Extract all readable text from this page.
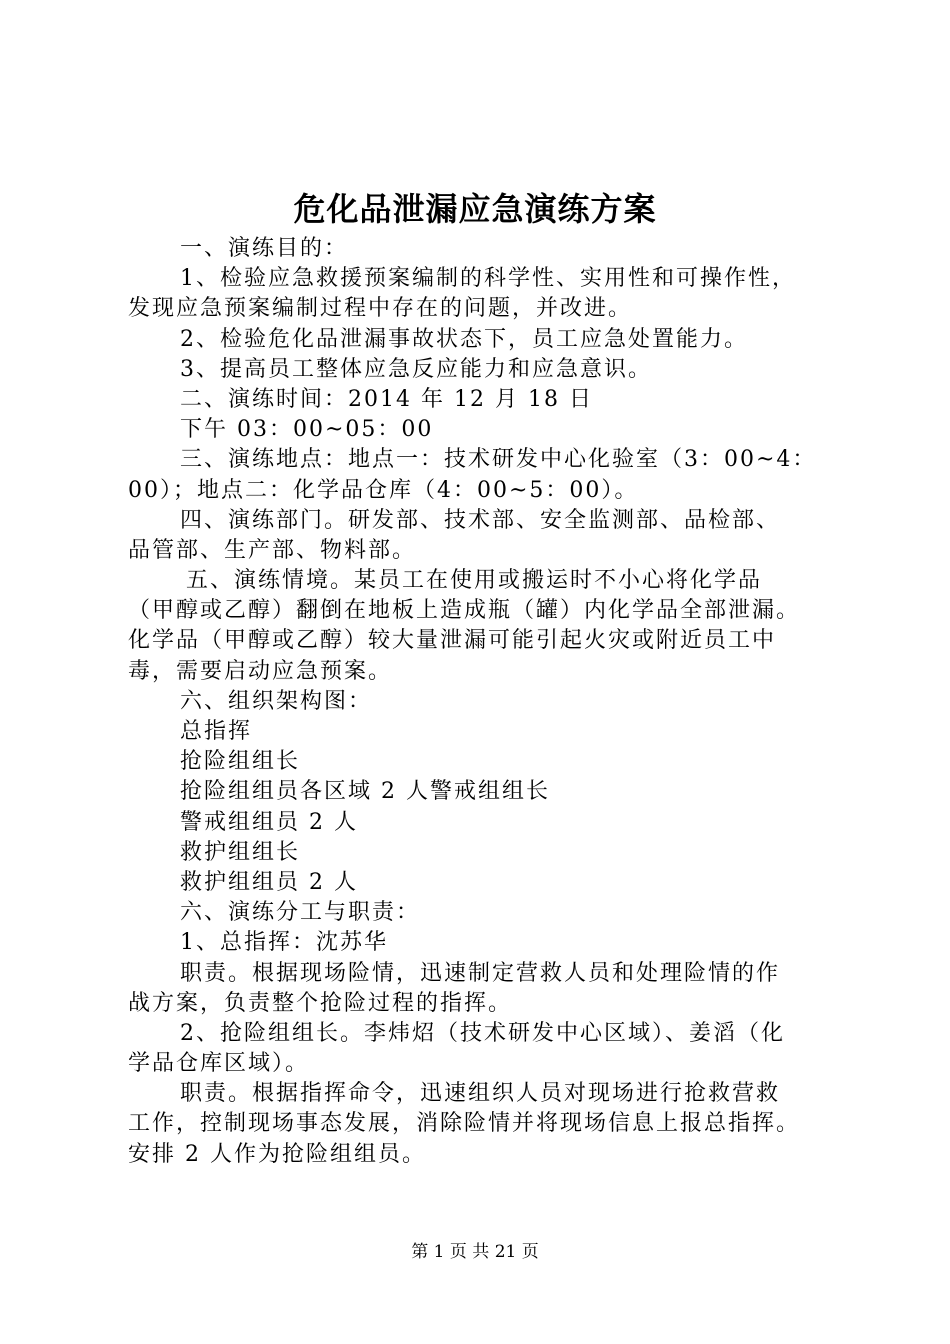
危化品泄漏应急演练方案
一、演练目的：
1、检验应急救援预案编制的科学性、实用性和可操作性，
发现应急预案编制过程中存在的问题，并改进。
2、检验危化品泄漏事故状态下，员工应急处置能力。
3、提高员工整体应急反应能力和应急意识。
二、演练时间：2014 年 12 月 18 日
下午 03：00~05：00
三、演练地点：地点一：技术研发中心化验室（3：00~4：
00）；地点二：化学品仓库（4：00~5：00）。
四、演练部门。研发部、技术部、安全监测部、品检部、
品管部、生产部、物料部。
五、演练情境。某员工在使用或搬运时不小心将化学品
（甲醇或乙醇）翻倒在地板上造成瓶（罐）内化学品全部泄漏。
化学品（甲醇或乙醇）较大量泄漏可能引起火灾或附近员工中
毒，需要启动应急预案。
六、组织架构图：
总指挥
抢险组组长
抢险组组员各区域 2 人警戒组组长
警戒组组员 2 人
救护组组长
救护组组员 2 人
六、演练分工与职责：
1、总指挥：沈苏华
职责。根据现场险情，迅速制定营救人员和处理险情的作
战方案，负责整个抢险过程的指挥。
2、抢险组组长。李炜炤（技术研发中心区域）、姜滔（化
学品仓库区域）。
职责。根据指挥命令，迅速组织人员对现场进行抢救营救
工作，控制现场事态发展，消除险情并将现场信息上报总指挥。
安排 2 人作为抢险组组员。
第 1 页 共 21 页
